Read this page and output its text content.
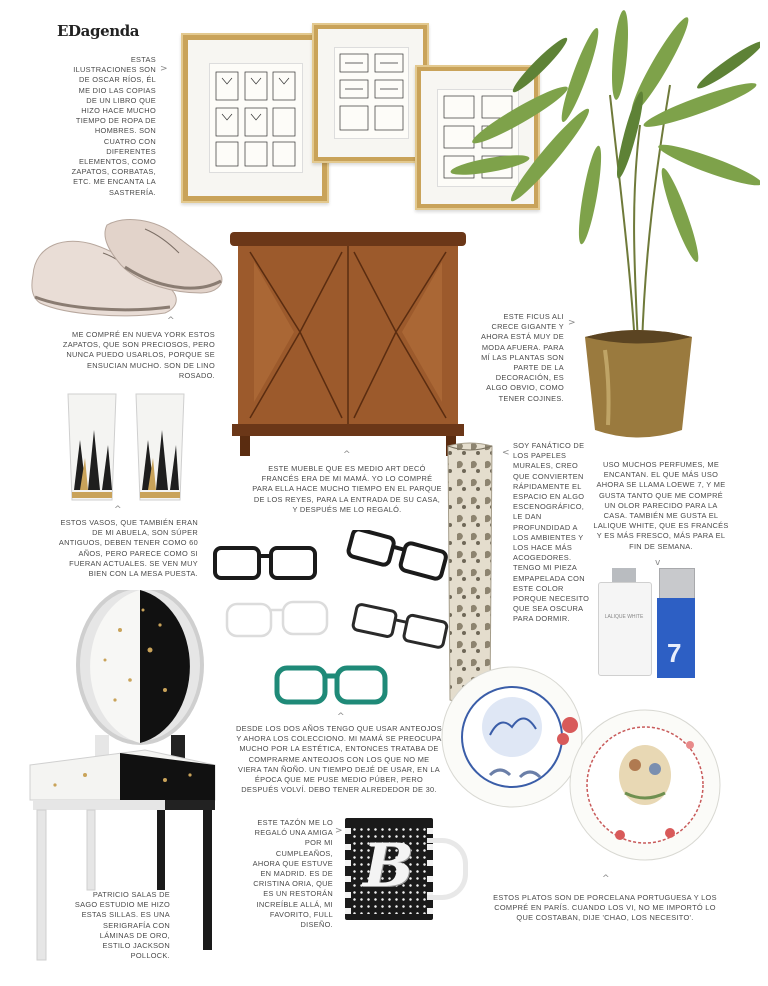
EDagenda
ESTAS ILUSTRACIONES SON DE OSCAR RÍOS, ÉL ME DIO LAS COPIAS DE UN LIBRO QUE HIZO HACE MUCHO TIEMPO DE ROPA DE HOMBRES. SON CUATRO CON DIFERENTES ELEMENTOS, COMO ZAPATOS, CORBATAS, ETC. ME ENCANTA LA SASTRERÍA.
>
^
ME COMPRÉ EN NUEVA YORK ESTOS ZAPATOS, QUE SON PRECIOSOS, PERO NUNCA PUEDO USARLOS, PORQUE SE ENSUCIAN MUCHO. SON DE LINO ROSADO.
^
ESTE MUEBLE QUE ES MEDIO ART DECÓ FRANCÉS ERA DE MI MAMÁ. YO LO COMPRÉ PARA ELLA HACE MUCHO TIEMPO EN EL PARQUE DE LOS REYES, PARA LA ENTRADA DE SU CASA, Y DESPUÉS ME LO REGALÓ.
ESTE FICUS ALI CRECE GIGANTE Y AHORA ESTÁ MUY DE MODA AFUERA. PARA MÍ LAS PLANTAS SON PARTE DE LA DECORACIÓN, ES ALGO OBVIO, COMO TENER COJINES.
>
^
ESTOS VASOS, QUE TAMBIÉN ERAN DE MI ABUELA, SON SÚPER ANTIGUOS, DEBEN TENER COMO 60 AÑOS, PERO PARECE COMO SI FUERAN ACTUALES. SE VEN MUY BIEN CON LA MESA PUESTA.
^
DESDE LOS DOS AÑOS TENGO QUE USAR ANTEOJOS Y AHORA LOS COLECCIONO. MI MAMÁ SE PREOCUPA MUCHO POR LA ESTÉTICA, ENTONCES TRATABA DE COMPRARME ANTEOJOS CON LOS QUE NO ME VIERA TAN ÑOÑO. UN TIEMPO DEJÉ DE USAR, EN LA ÉPOCA QUE ME PUSE MEDIO PÚBER, PERO DESPUÉS VOLVÍ. DEBO TENER ALREDEDOR DE 30.
<
SOY FANÁTICO DE LOS PAPELES MURALES, CREO QUE CONVIERTEN RÁPIDAMENTE EL ESPACIO EN ALGO ESCENOGRÁFICO, LE DAN PROFUNDIDAD A LOS AMBIENTES Y LOS HACE MÁS ACOGEDORES. TENGO MI PIEZA EMPAPELADA CON ESTE COLOR PORQUE NECESITO QUE SEA OSCURA PARA DORMIR.
USO MUCHOS PERFUMES, ME ENCANTAN. EL QUE MÁS USO AHORA SE LLAMA LOEWE 7, Y ME GUSTA TANTO QUE ME COMPRÉ UN OLOR PARECIDO PARA LA CASA. TAMBIÉN ME GUSTA EL LALIQUE WHITE, QUE ES FRANCÉS Y ES MÁS FRESCO, MÁS PARA EL FIN DE SEMANA.
v
LALIQUE WHITE
7
PATRICIO SALAS DE SAGO ESTUDIO ME HIZO ESTAS SILLAS. ES UNA SERIGRAFÍA CON LÁMINAS DE ORO, ESTILO JACKSON POLLOCK.
ESTE TAZÓN ME LO REGALÓ UNA AMIGA POR MI CUMPLEAÑOS, AHORA QUE ESTUVE EN MADRID. ES DE CRISTINA ORIA, QUE ES UN RESTORÁN INCREÍBLE ALLÁ, MI FAVORITO, FULL DISEÑO.
> B	^
ESTOS PLATOS SON DE PORCELANA PORTUGUESA Y LOS COMPRÉ EN PARÍS. CUANDO LOS VI, NO ME IMPORTÓ LO QUE COSTABAN, DIJE 'CHAO, LOS NECESITO'.
